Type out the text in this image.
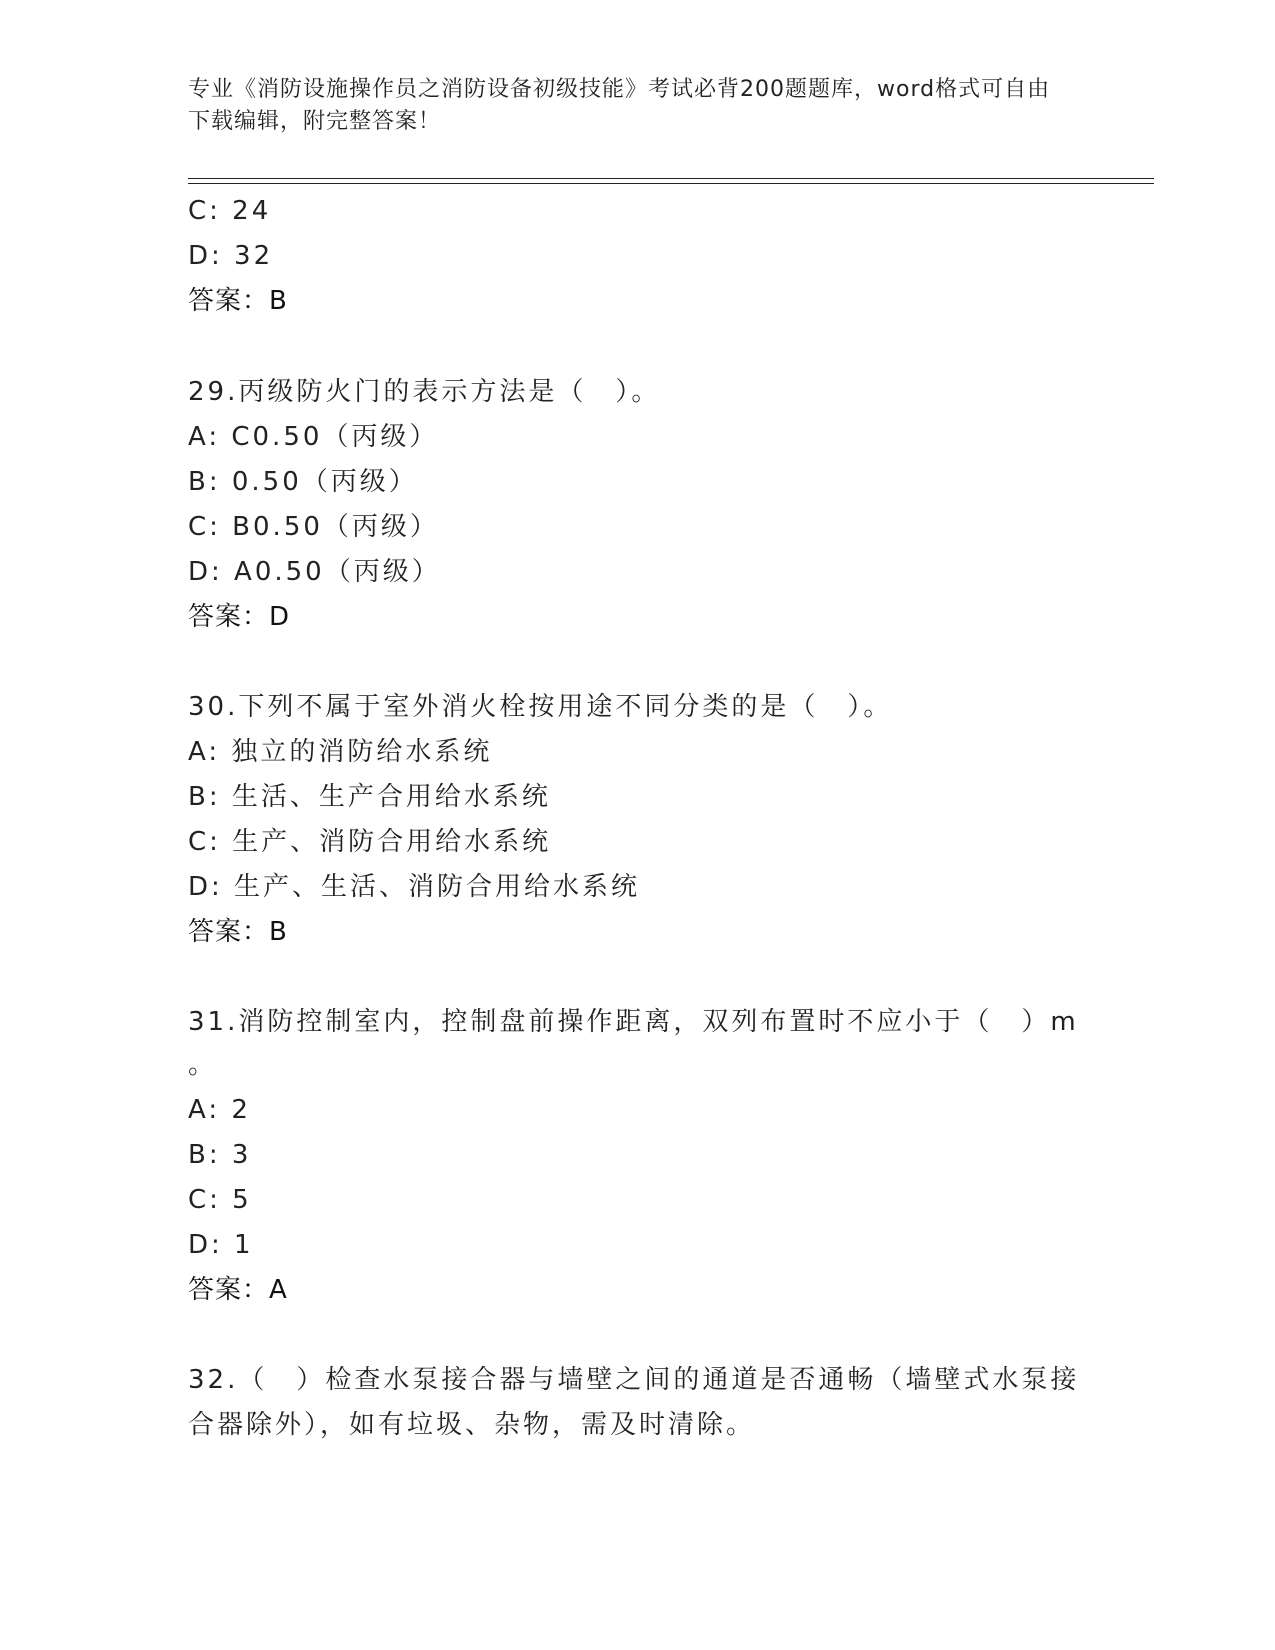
专业《消防设施操作员之消防设备初级技能》考试必背200题题库，word格式可自由下载编辑，附完整答案！
C: 24
D: 32
答案：B
29.丙级防火门的表示方法是（　）。
A: C0.50（丙级）
B: 0.50（丙级）
C: B0.50（丙级）
D: A0.50（丙级）
答案：D
30.下列不属于室外消火栓按用途不同分类的是（　）。
A: 独立的消防给水系统
B: 生活、生产合用给水系统
C: 生产、消防合用给水系统
D: 生产、生活、消防合用给水系统
答案：B
31.消防控制室内，控制盘前操作距离，双列布置时不应小于（　）m
。
A: 2
B: 3
C: 5
D: 1
答案：A
32.（　）检查水泵接合器与墙壁之间的通道是否通畅（墙壁式水泵接
合器除外），如有垃圾、杂物，需及时清除。
